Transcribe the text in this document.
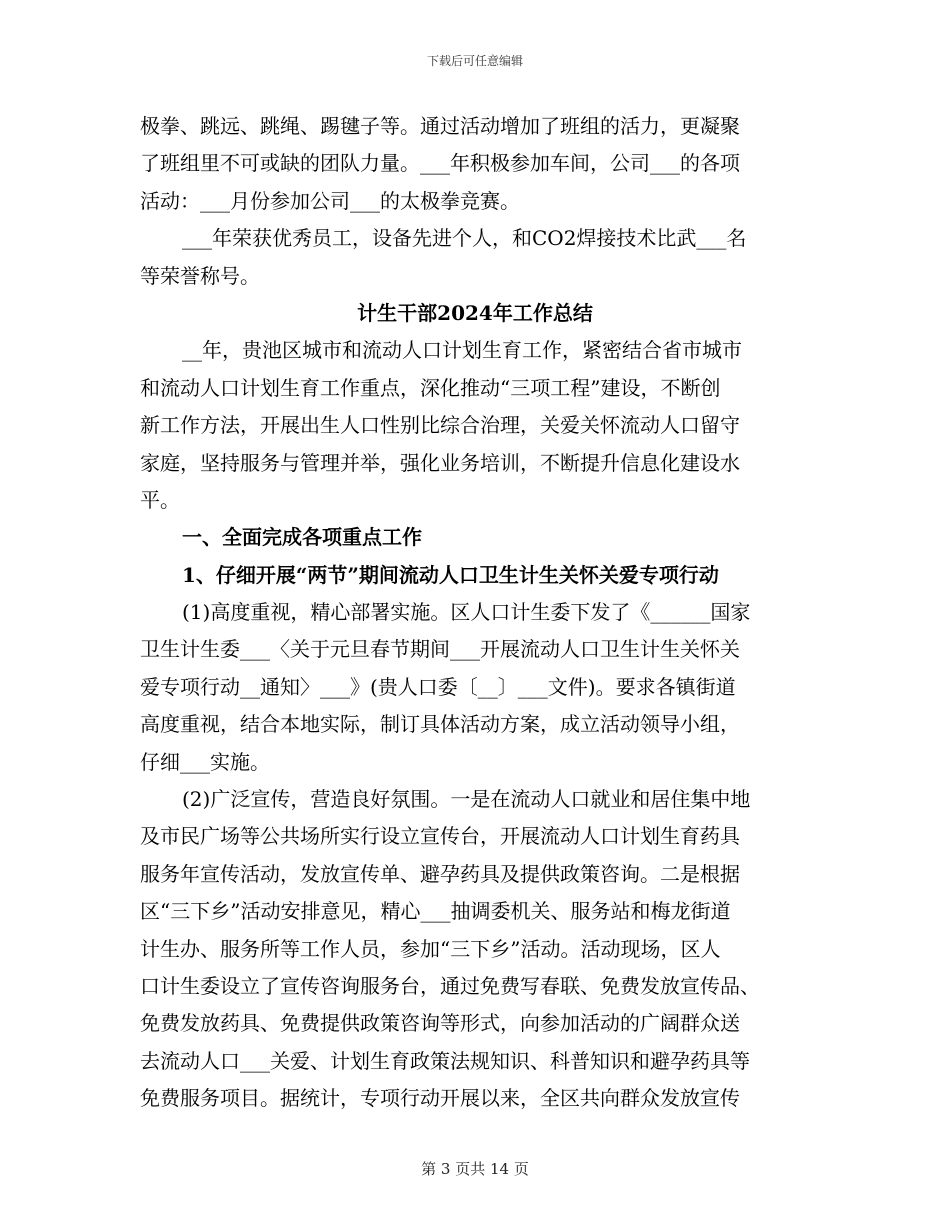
下载后可任意编辑
极拳、跳远、跳绳、踢毽子等。通过活动增加了班组的活力，更凝聚
了班组里不可或缺的团队力量。___年积极参加车间，公司___的各项
活动：___月份参加公司___的太极拳竞赛。
___年荣获优秀员工，设备先进个人，和CO2焊接技术比武___名
等荣誉称号。
计生干部2024年工作总结
__年，贵池区城市和流动人口计划生育工作，紧密结合省市城市
和流动人口计划生育工作重点，深化推动“三项工程”建设，不断创
新工作方法，开展出生人口性别比综合治理，关爱关怀流动人口留守
家庭，坚持服务与管理并举，强化业务培训，不断提升信息化建设水
平。
一、全面完成各项重点工作
1、仔细开展“两节”期间流动人口卫生计生关怀关爱专项行动
(1)高度重视，精心部署实施。区人口计生委下发了《______国家
卫生计生委___〈关于元旦春节期间___开展流动人口卫生计生关怀关
爱专项行动__通知〉___》(贵人口委〔__〕___文件)。要求各镇街道
高度重视，结合本地实际，制订具体活动方案，成立活动领导小组，
仔细___实施。
(2)广泛宣传，营造良好氛围。一是在流动人口就业和居住集中地
及市民广场等公共场所实行设立宣传台，开展流动人口计划生育药具
服务年宣传活动，发放宣传单、避孕药具及提供政策咨询。二是根据
区“三下乡”活动安排意见，精心___抽调委机关、服务站和梅龙街道
计生办、服务所等工作人员，参加“三下乡”活动。活动现场，区人
口计生委设立了宣传咨询服务台，通过免费写春联、免费发放宣传品、
免费发放药具、免费提供政策咨询等形式，向参加活动的广阔群众送
去流动人口___关爱、计划生育政策法规知识、科普知识和避孕药具等
免费服务项目。据统计，专项行动开展以来，全区共向群众发放宣传
第 3 页共 14 页
